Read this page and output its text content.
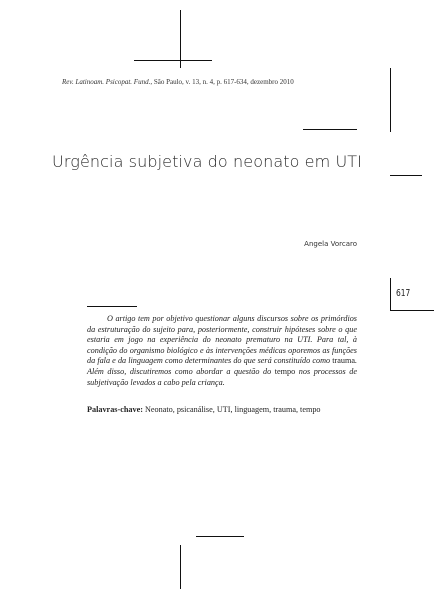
Rev. Latinoam. Psicopat. Fund., São Paulo, v. 13, n. 4, p. 617-634, dezembro 2010
Urgência subjetiva do neonato em UTI
Angela Vorcaro
617

O artigo tem por objetivo questionar alguns discursos sobre os primórdios da estruturação do sujeito para, posteriormente, construir hipóteses sobre o que estaria em jogo na experiência do neonato prematuro na UTI. Para tal, à condição do organismo biológico e às intervenções médicas oporemos as funções da fala e da linguagem como determinantes do que será constituído como trauma. Além disso, discutiremos como abordar a questão do tempo nos processos de subjetivação levados a cabo pela criança.

Palavras-chave: Neonato, psicanálise, UTI, linguagem, trauma, tempo
